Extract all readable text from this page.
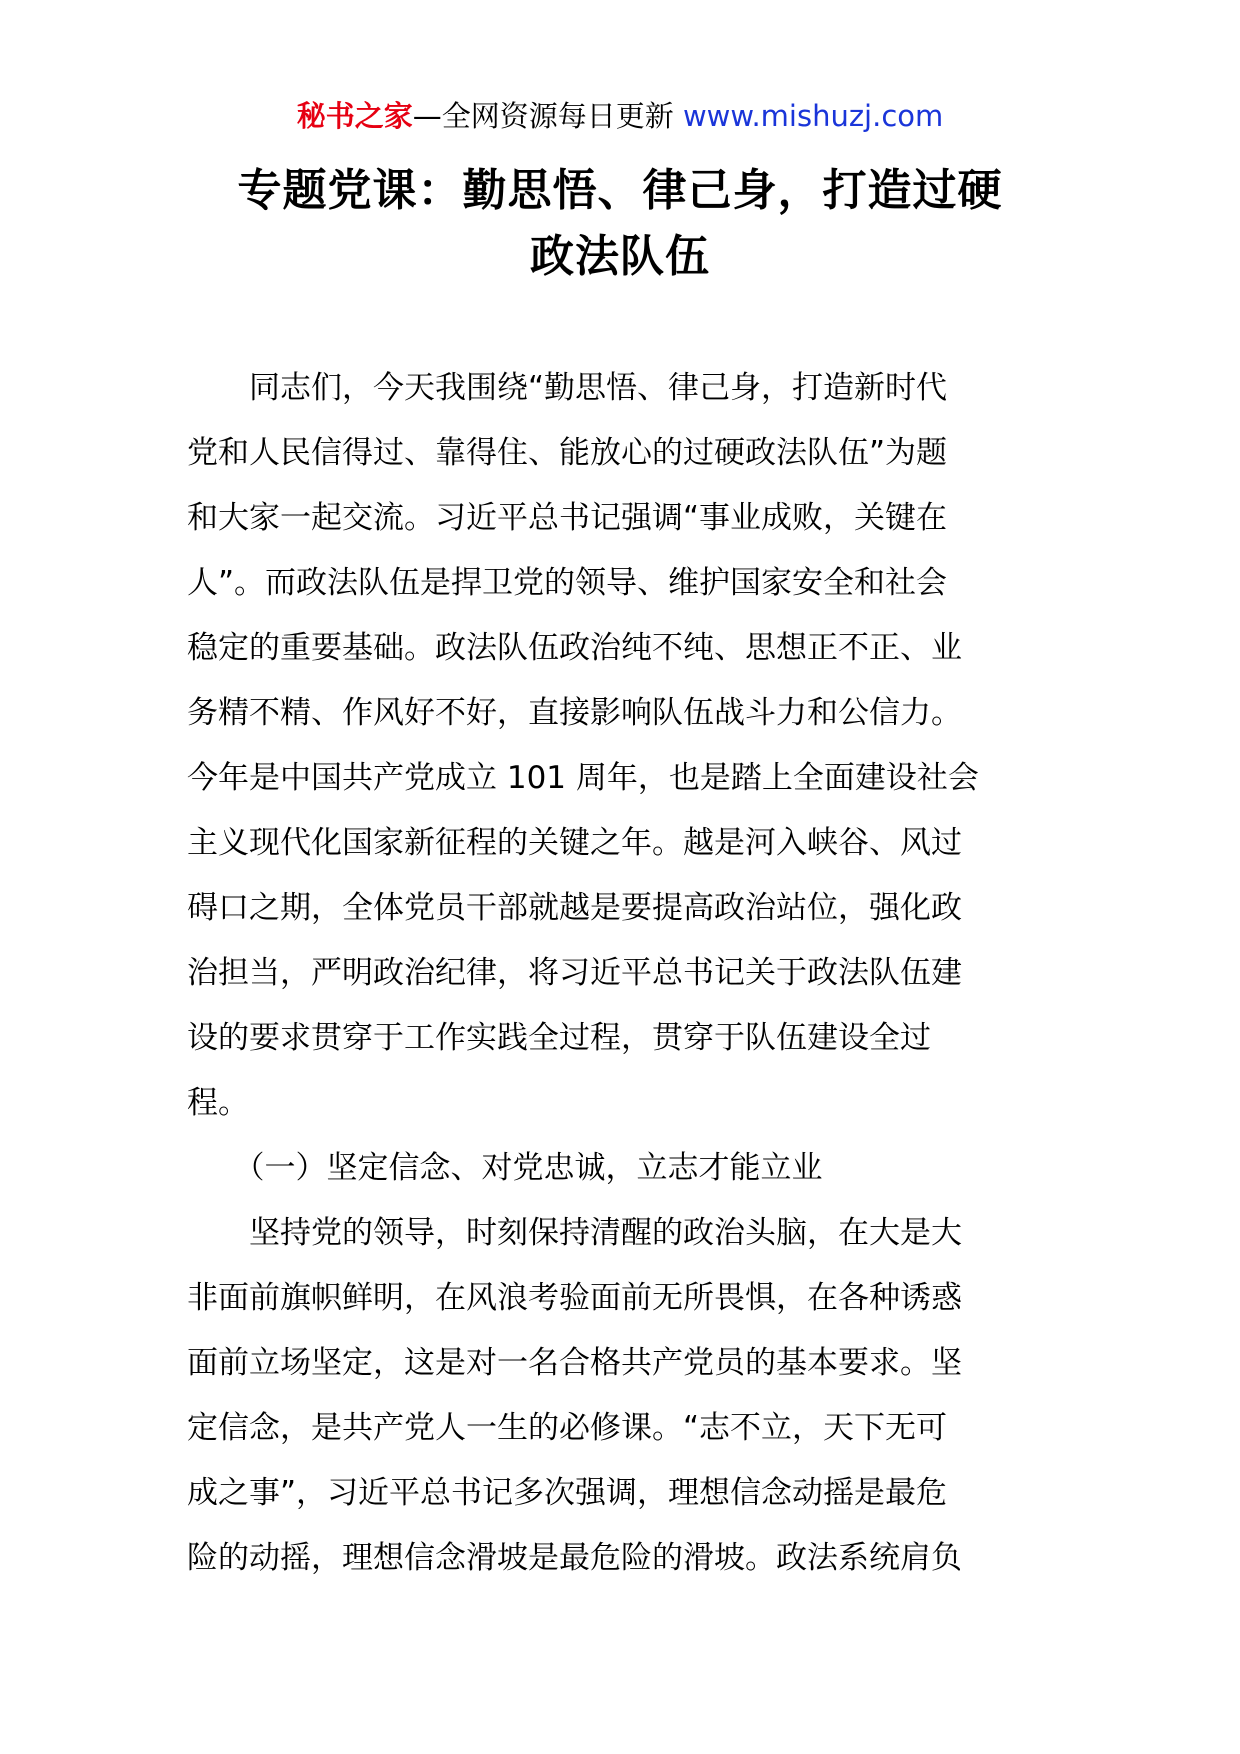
秘书之家—全网资源每日更新 www.mishuzj.com
专题党课：勤思悟、律己身，打造过硬
政法队伍

　　同志们，今天我围绕“勤思悟、律己身，打造新时代
党和人民信得过、靠得住、能放心的过硬政法队伍”为题
和大家一起交流。习近平总书记强调“事业成败，关键在
人”。而政法队伍是捍卫党的领导、维护国家安全和社会
稳定的重要基础。政法队伍政治纯不纯、思想正不正、业
务精不精、作风好不好，直接影响队伍战斗力和公信力。
今年是中国共产党成立 101 周年，也是踏上全面建设社会
主义现代化国家新征程的关键之年。越是河入峡谷、风过
碍口之期，全体党员干部就越是要提高政治站位，强化政
治担当，严明政治纪律，将习近平总书记关于政法队伍建
设的要求贯穿于工作实践全过程，贯穿于队伍建设全过
程。

　　（一）坚定信念、对党忠诚，立志才能立业

　　坚持党的领导，时刻保持清醒的政治头脑，在大是大
非面前旗帜鲜明，在风浪考验面前无所畏惧，在各种诱惑
面前立场坚定，这是对一名合格共产党员的基本要求。坚
定信念，是共产党人一生的必修课。“志不立，天下无可
成之事”，习近平总书记多次强调，理想信念动摇是最危
险的动摇，理想信念滑坡是最危险的滑坡。政法系统肩负
